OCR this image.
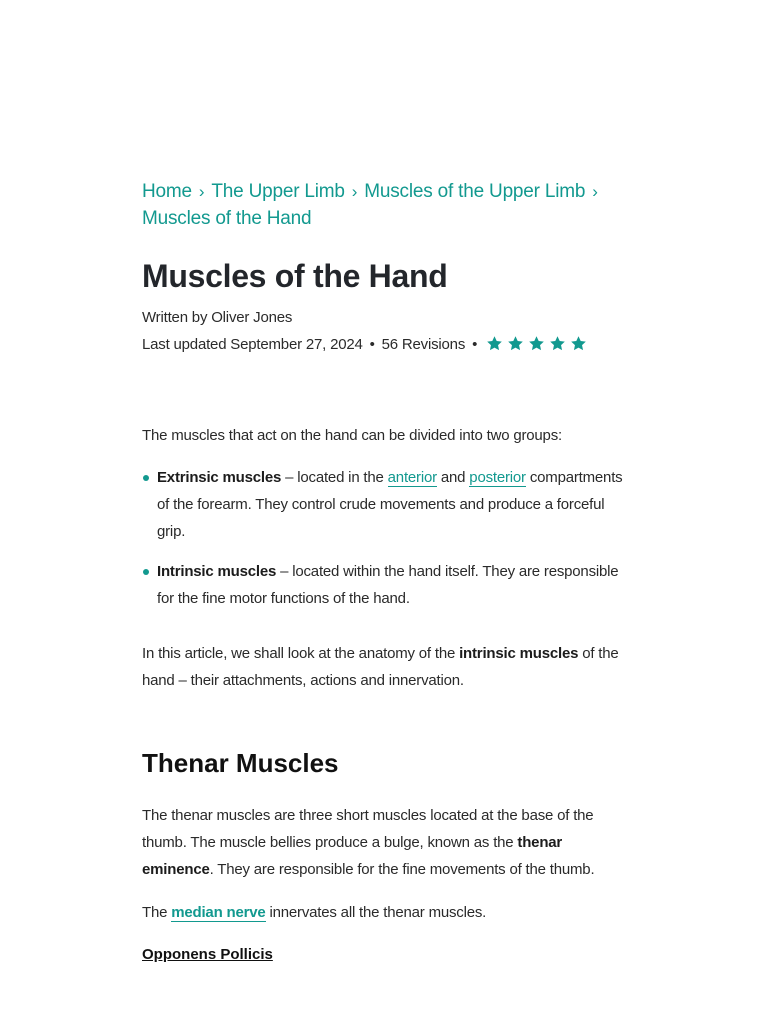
Home › The Upper Limb › Muscles of the Upper Limb ›
Muscles of the Hand
Muscles of the Hand
Written by Oliver Jones
Last updated September 27, 2024 • 56 Revisions •

The muscles that act on the hand can be divided into two groups:

Extrinsic muscles – located in the anterior and posterior compartments of the forearm. They control crude movements and produce a forceful grip.
Intrinsic muscles – located within the hand itself. They are responsible for the fine motor functions of the hand.

In this article, we shall look at the anatomy of the intrinsic muscles of the hand – their attachments, actions and innervation.

Thenar Muscles

The thenar muscles are three short muscles located at the base of the thumb. The muscle bellies produce a bulge, known as the thenar eminence. They are responsible for the fine movements of the thumb.

The median nerve innervates all the thenar muscles.

Opponens Pollicis
